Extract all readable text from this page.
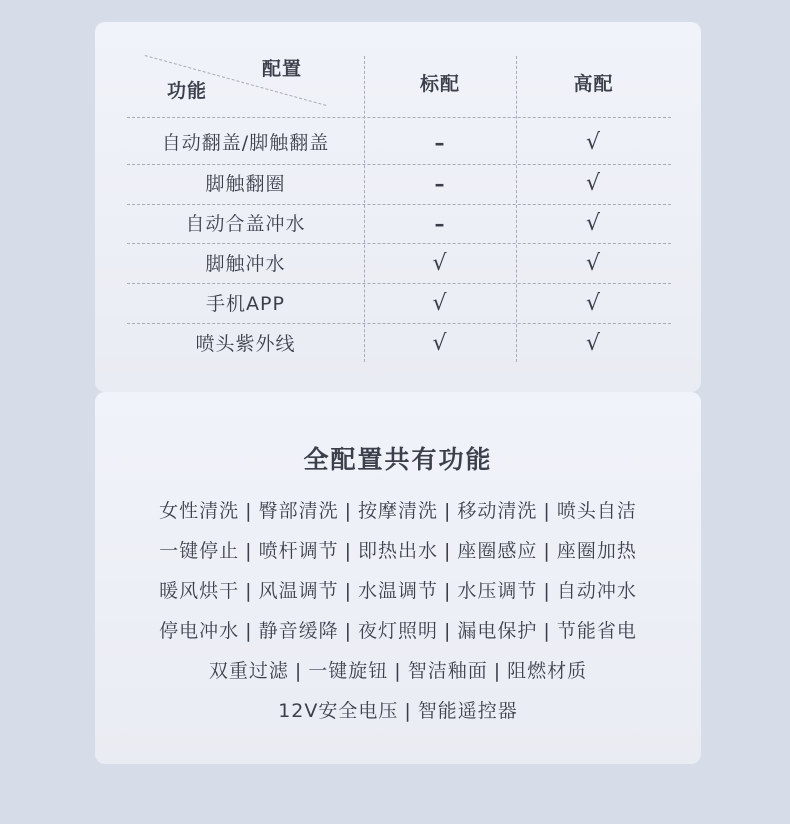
配置
功能	标配	高配
自动翻盖/脚触翻盖	–	√
脚触翻圈	–	√
自动合盖冲水	–	√
脚触冲水	√	√
手机APP	√	√
喷头紫外线	√	√
全配置共有功能
女性清洗 | 臀部清洗 | 按摩清洗 | 移动清洗 | 喷头自洁
一键停止 | 喷杆调节 | 即热出水 | 座圈感应 | 座圈加热
暖风烘干 | 风温调节 | 水温调节 | 水压调节 | 自动冲水
停电冲水 | 静音缓降 | 夜灯照明 | 漏电保护 | 节能省电
双重过滤 | 一键旋钮 | 智洁釉面 | 阻燃材质
12V安全电压 | 智能遥控器
